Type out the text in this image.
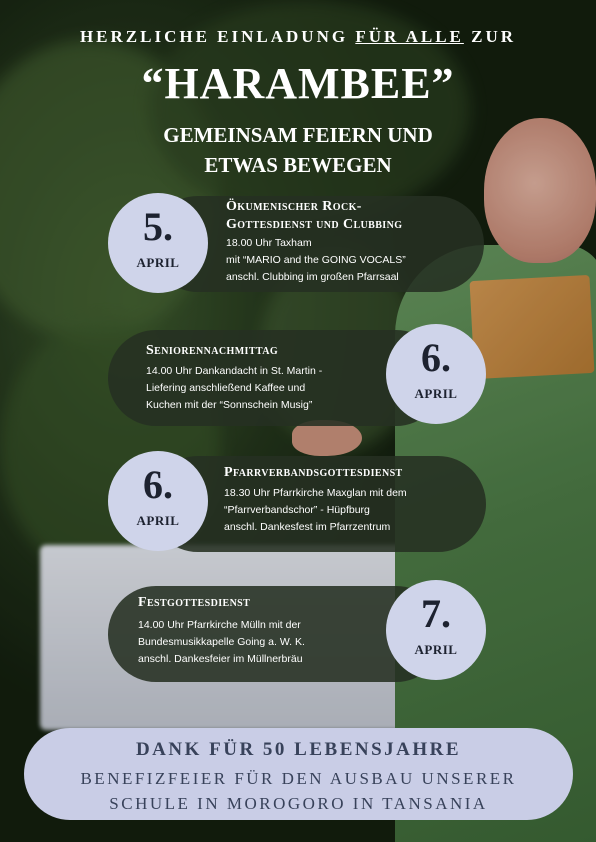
HERZLICHE EINLADUNG FÜR ALLE ZUR
“HARAMBEE”
GEMEINSAM FEIERN UND
ETWAS BEWEGEN
Ökumenischer Rock-
Gottesdienst und Clubbing
18.00 Uhr Taxham
mit “MARIO and the GOING VOCALS”
anschl. Clubbing im großen Pfarrsaal
5.
APRIL
Seniorennachmittag
14.00 Uhr Dankandacht in St. Martin -
Liefering anschließend Kaffee und
Kuchen mit der “Sonnschein Musig”
6.
APRIL
Pfarrverbandsgottesdienst
18.30 Uhr Pfarrkirche Maxglan mit dem
“Pfarrverbandschor” - Hüpfburg
anschl. Dankesfest im Pfarrzentrum
6.
APRIL
Festgottesdienst
14.00 Uhr Pfarrkirche Mülln mit der
Bundesmusikkapelle Going a. W. K.
anschl. Dankesfeier im Müllnerbräu
7.
APRIL
DANK FÜR 50 LEBENSJAHRE
BENEFIZFEIER FÜR DEN AUSBAU UNSERER
SCHULE IN MOROGORO IN TANSANIA
